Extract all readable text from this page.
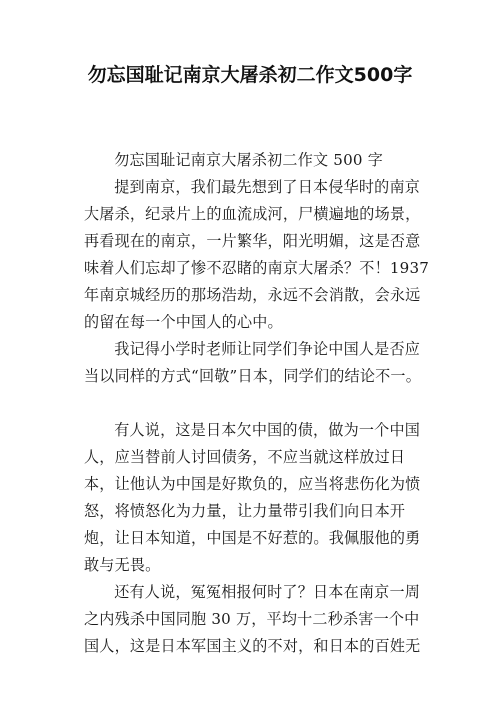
勿忘国耻记南京大屠杀初二作文500字

勿忘国耻记南京大屠杀初二作文 500 字

提到南京，我们最先想到了日本侵华时的南京大屠杀，纪录片上的血流成河，尸横遍地的场景，再看现在的南京，一片繁华，阳光明媚，这是否意味着人们忘却了惨不忍睹的南京大屠杀？不！1937 年南京城经历的那场浩劫，永远不会消散，会永远的留在每一个中国人的心中。

我记得小学时老师让同学们争论中国人是否应当以同样的方式“回敬”日本，同学们的结论不一。

有人说，这是日本欠中国的债，做为一个中国人，应当替前人讨回债务，不应当就这样放过日本，让他认为中国是好欺负的，应当将悲伤化为愤怒，将愤怒化为力量，让力量带引我们向日本开炮，让日本知道，中国是不好惹的。我佩服他的勇敢与无畏。

还有人说，冤冤相报何时了？日本在南京一周之内残杀中国同胞 30 万，平均十二秒杀害一个中国人，这是日本军国主义的不对，和日本的百姓无
